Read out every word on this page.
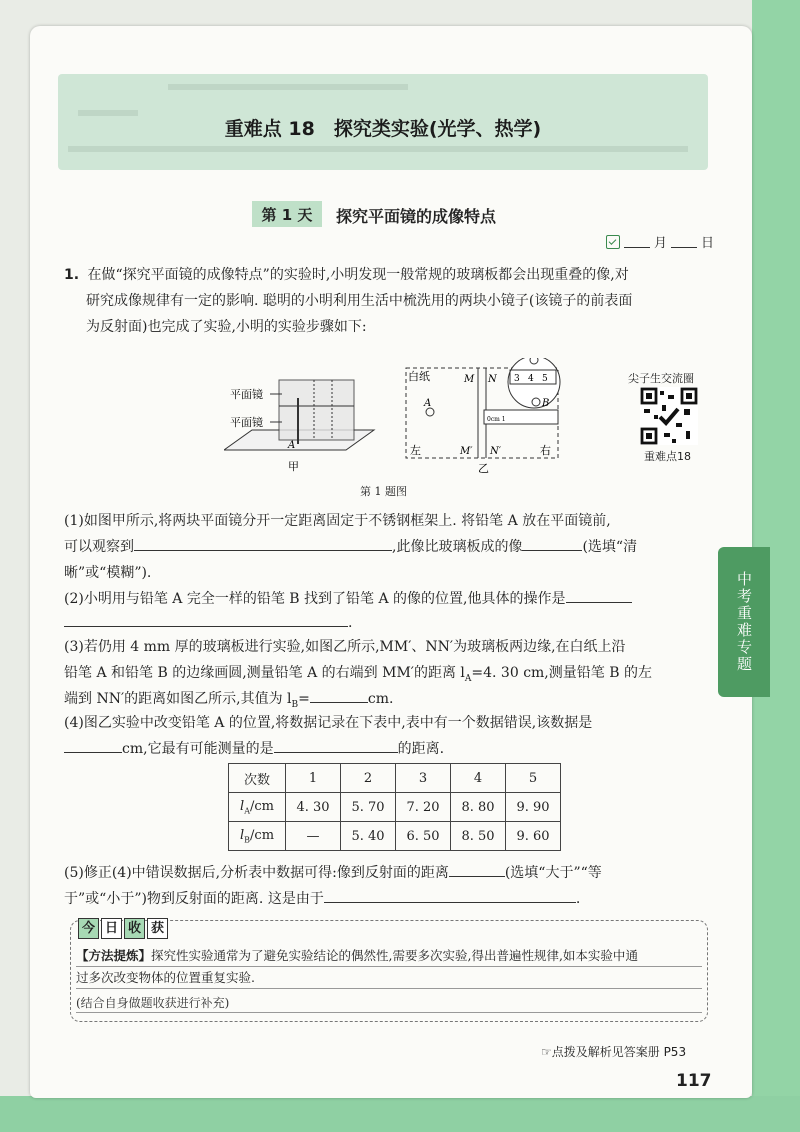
中考重难专题
重难点 18　探究类实验(光学、热学)
第 1 天	探究平面镜的成像特点
月	日
1. 在做“探究平面镜的成像特点”的实验时,小明发现一般常规的玻璃板都会出现重叠的像,对
研究成像规律有一定的影响. 聪明的小明利用生活中梳洗用的两块小镜子(该镜子的前表面
为反射面)也完成了实验,小明的实验步骤如下:
平面镜
平面镜
A
甲
白纸	M N
A	B
3 4 5
0cm 1
左	M′ N′	右
乙
第 1 题图
尖子生交流圈
重难点18
(1)如图甲所示,将两块平面镜分开一定距离固定于不锈钢框架上. 将铅笔 A 放在平面镜前,
可以观察到	,此像比玻璃板成的像	(选填“清
晰”或“模糊”).
(2)小明用与铅笔 A 完全一样的铅笔 B 找到了铅笔 A 的像的位置,他具体的操作是
.
(3)若仍用 4 mm 厚的玻璃板进行实验,如图乙所示,MM′、NN′为玻璃板两边缘,在白纸上沿
铅笔 A 和铅笔 B 的边缘画圆,测量铅笔 A 的右端到 MM′的距离 $l_A=4$. 30 cm,测量铅笔 B 的左
端到 NN′的距离如图乙所示,其值为 $l_B=$	cm.
(4)图乙实验中改变铅笔 A 的位置,将数据记录在下表中,表中有一个数据错误,该数据是
cm,它最有可能测量的是	的距离.
次数	1	2	3	4	5
$l_A/cm$	4. 30	5. 70	7. 20	8. 80	9. 90
$l_B/cm$	—	5. 40	6. 50	8. 50	9. 60
(5)修正(4)中错误数据后,分析表中数据可得:像到反射面的距离	(选填“大于”“等
于”或“小于”)物到反射面的距离. 这是由于	.
今 日 收 获
【方法提炼】探究性实验通常为了避免实验结论的偶然性,需要多次实验,得出普遍性规律,如本实验中通
过多次改变物体的位置重复实验.
(结合自身做题收获进行补充)
☞点拨及解析见答案册 P53
117
